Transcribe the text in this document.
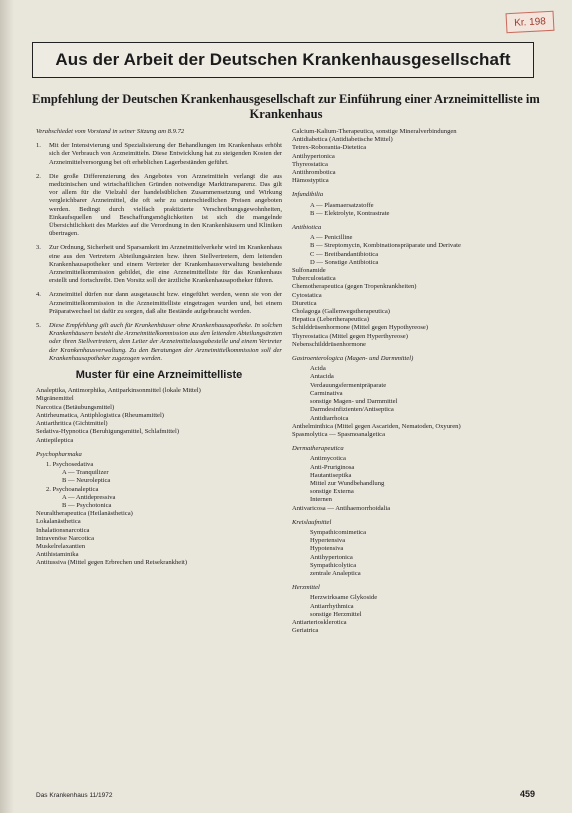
Kr. 198
Aus der Arbeit der Deutschen Krankenhausgesellschaft
Empfehlung der Deutschen Krankenhausgesellschaft zur Einführung einer Arzneimittelliste im Krankenhaus
Verabschiedet vom Vorstand in seiner Sitzung am 8.9.72
1.	Mit der Intensivierung und Spezialisierung der Behandlungen im Krankenhaus erhöht sich der Verbrauch von Arzneimitteln. Diese Entwicklung hat zu steigenden Kosten der Arzneimittelversorgung bei oft erheblichen Lagerbeständen geführt.
2.	Die große Differenzierung des Angebotes von Arzneimitteln verlangt die aus medizinischen und wirtschaftlichen Gründen notwendige Markttransparenz. Das gilt vor allem für die Vielzahl der handelsüblichen Zusammensetzung und Wirkung vergleichbarer Arzneimittel, die oft sehr zu unterschiedlichen Preisen angeboten werden. Bedingt durch vielfach praktizierte Verschreibungsgewohnheiten, Einkaufsquellen und Beschaffungsmöglichkeiten ist sich die mangelnde Übersichtlichkeit des Marktes auf die Verordnung in den Krankenhäusern und Kliniken übertragen.
3.	Zur Ordnung, Sicherheit und Sparsamkeit im Arzneimittelverkehr wird im Krankenhaus eine aus den Vertretern Abteilungsärzten bzw. ihren Stellvertretern, dem leitenden Krankenhausapotheker und einem Vertreter der Krankenhausverwaltung bestehende Arzneimittelkommission gebildet, die eine Arzneimittelliste für das Krankenhaus erstellt und fortschreibt. Den Vorsitz soll der ärztliche Krankenhausapotheker führen.
4.	Arzneimittel dürfen nur dann ausgetauscht bzw. eingeführt werden, wenn sie von der Arzneimittelkommission in die Arzneimittelliste eingetragen wurden und, bei einem Präparatwechsel ist dafür zu sorgen, daß alte Bestände aufgebraucht werden.
5.	Diese Empfehlung gilt auch für Krankenhäuser ohne Krankenhausapotheke. In solchen Krankenhäusern besteht die Arzneimittelkommission aus den leitenden Abteilungsärzten oder ihren Stellvertretern, dem Leiter der Arzneimittelausgabestelle und einem Vertreter der Krankenhausverwaltung. Zu den Beratungen der Arzneimittelkommission soll der Krankenhausapotheker zugezogen werden.
Muster für eine Arzneimittelliste
Analeptika, Antimorphika, Antiparkinsonmittel (lokale Mittel)
Migränemittel
Narcotica (Betäubungsmittel)
Antirheumatica, Antiphlogistica (Rheumamittel)
Antiarthritica (Gichtmittel)
Sedativa-Hypnotica (Beruhigungsmittel, Schlafmittel)
Antiepileptica
Psychopharmaka
1. Psychosedativa
A — Tranquilizer
B — Neuroleptica
2. Psychoanaleptica
A — Antidepressiva
B — Psychotonica
Neuraltherapeutica (Heilanästhetica)
Lokalanästhetica
Inhalationsnarcotica
Intravenöse Narcotica
Muskelrelaxantien
Antihistaminika
Antitussiva (Mittel gegen Erbrechen und Reisekrankheit)
Calcium-Kalium-Therapeutica, sonstige Mineralverbindungen
Antidiabetica (Antidiabetische Mittel)
Tetrex-Roborantia-Dietetica
Antihypertonica
Thyreostatica
Antithrombotica
Hämostyptica
Infundibilia
A — Plasmaersatzstoffe
B — Elektrolyte, Kontrastrate
Antibiotica
A — Penicilline
B — Streptomycin, Kombinationspräparate und Derivate
C — Breitbandantibiotica
D — Sonstige Antibiotica
Sulfonamide
Tuberculostatica
Chemotherapeutica (gegen Tropenkrankheiten)
Cytostatica
Diuretica
Cholagoga (Gallenwegstherapeutica)
Hepatica (Lebertherapeutica)
Schilddrüsenhormone (Mittel gegen Hypothyreose)
Thyreostatica (Mittel gegen Hyperthyreose)
Nebenschilddrüsenhormone
Gastroenterologica (Magen- und Darmmittel)
Acida
Antacida
Verdauungsfermentpräparate
Carminativa
sonstige Magen- und Darmmittel
Darmdesinfizienten/Antiseptica
Antidiarrhoica
Anthelminthica (Mittel gegen Ascariden, Nematoden, Oxyuren)
Spasmolytica — Spasmoanalgetica
Dermatherapeutica
Antimycotica
Anti-Pruriginosa
Hautantiseptika
Mittel zur Wundbehandlung
sonstige Externa
Internen
Antivaricosa — Antihaemorrhoidalia
Kreislaufmittel
Sympathicomimetica
Hypertensiva
Hypotensiva
Antihypertonica
Sympathicolytica
zentrale Analeptica
Herzmittel
Herzwirksame Glykoside
Antiarrhythmica
sonstige Herzmittel
Antiarteriosklerotica
Geriatrica
Das Krankenhaus 11/1972	459
